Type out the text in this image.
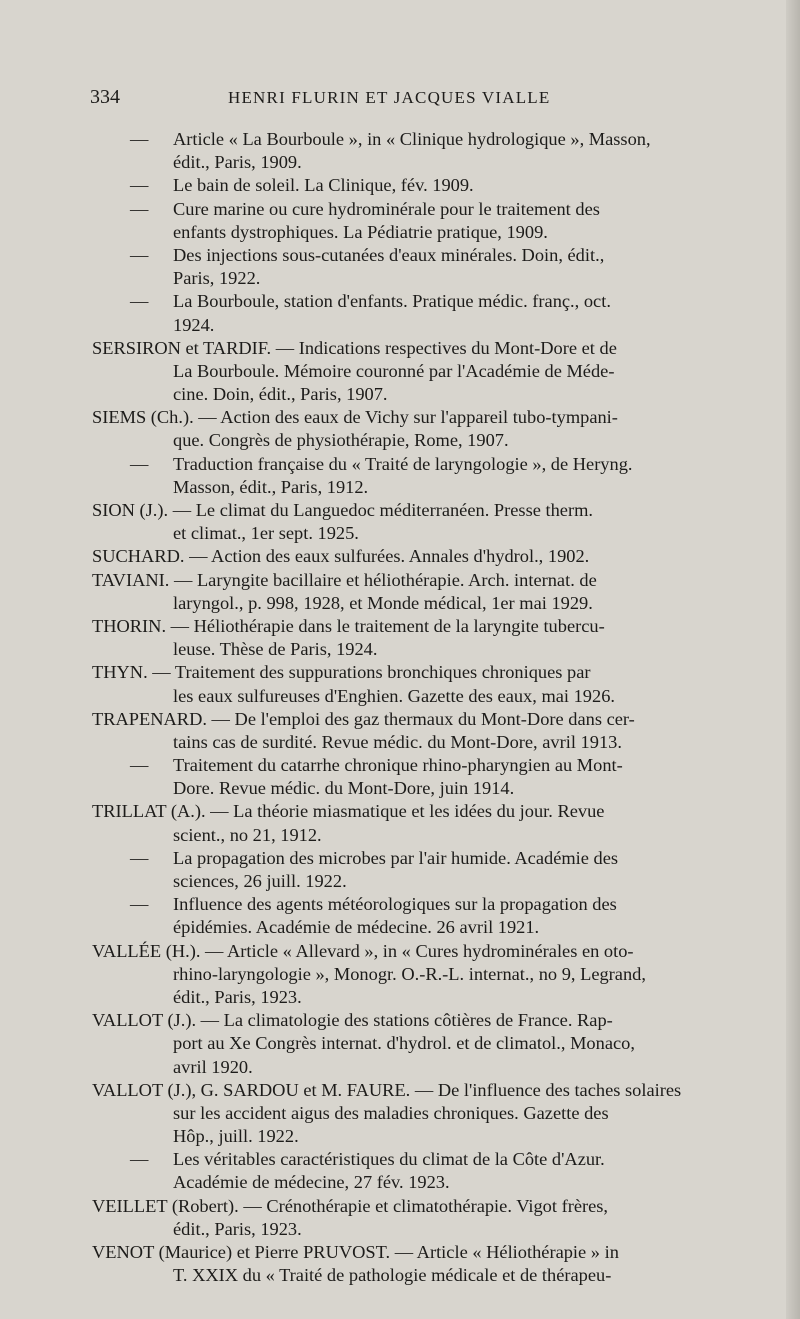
334	HENRI FLURIN ET JACQUES VIALLE
— Article « La Bourboule », in « Clinique hydrologique », Masson,
édit., Paris, 1909.
— Le bain de soleil. La Clinique, fév. 1909.
— Cure marine ou cure hydrominérale pour le traitement des
enfants dystrophiques. La Pédiatrie pratique, 1909.
— Des injections sous-cutanées d'eaux minérales. Doin, édit.,
Paris, 1922.
— La Bourboule, station d'enfants. Pratique médic. franç., oct.
1924.
SERSIRON et TARDIF. — Indications respectives du Mont-Dore et de
La Bourboule. Mémoire couronné par l'Académie de Méde-
cine. Doin, édit., Paris, 1907.
SIEMS (Ch.). — Action des eaux de Vichy sur l'appareil tubo-tympani-
que. Congrès de physiothérapie, Rome, 1907.
— Traduction française du « Traité de laryngologie », de Heryng.
Masson, édit., Paris, 1912.
SION (J.). — Le climat du Languedoc méditerranéen. Presse therm.
et climat., 1er sept. 1925.
SUCHARD. — Action des eaux sulfurées. Annales d'hydrol., 1902.
TAVIANI. — Laryngite bacillaire et héliothérapie. Arch. internat. de
laryngol., p. 998, 1928, et Monde médical, 1er mai 1929.
THORIN. — Héliothérapie dans le traitement de la laryngite tubercu-
leuse. Thèse de Paris, 1924.
THYN. — Traitement des suppurations bronchiques chroniques par
les eaux sulfureuses d'Enghien. Gazette des eaux, mai 1926.
TRAPENARD. — De l'emploi des gaz thermaux du Mont-Dore dans cer-
tains cas de surdité. Revue médic. du Mont-Dore, avril 1913.
— Traitement du catarrhe chronique rhino-pharyngien au Mont-
Dore. Revue médic. du Mont-Dore, juin 1914.
TRILLAT (A.). — La théorie miasmatique et les idées du jour. Revue
scient., no 21, 1912.
— La propagation des microbes par l'air humide. Académie des
sciences, 26 juill. 1922.
— Influence des agents météorologiques sur la propagation des
épidémies. Académie de médecine. 26 avril 1921.
VALLÉE (H.). — Article « Allevard », in « Cures hydrominérales en oto-
rhino-laryngologie », Monogr. O.-R.-L. internat., no 9, Legrand,
édit., Paris, 1923.
VALLOT (J.). — La climatologie des stations côtières de France. Rap-
port au Xe Congrès internat. d'hydrol. et de climatol., Monaco,
avril 1920.
VALLOT (J.), G. SARDOU et M. FAURE. — De l'influence des taches solaires
sur les accident aigus des maladies chroniques. Gazette des
Hôp., juill. 1922.
— Les véritables caractéristiques du climat de la Côte d'Azur.
Académie de médecine, 27 fév. 1923.
VEILLET (Robert). — Crénothérapie et climatothérapie. Vigot frères,
édit., Paris, 1923.
VENOT (Maurice) et Pierre PRUVOST. — Article « Héliothérapie » in
T. XXIX du « Traité de pathologie médicale et de thérapeu-
